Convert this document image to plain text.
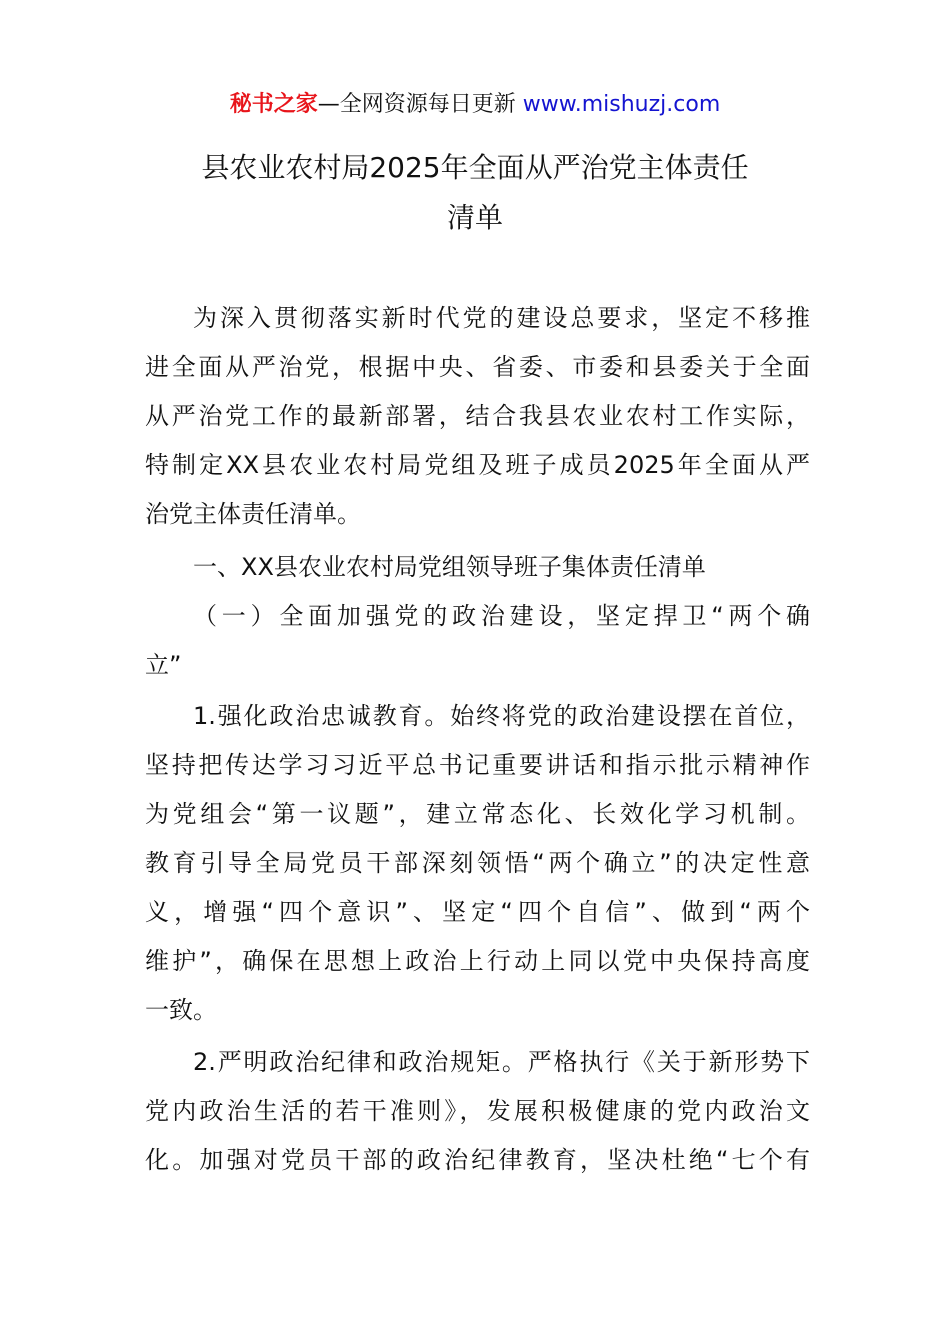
秘书之家—全网资源每日更新 www.mishuzj.com
县农业农村局2025年全面从严治党主体责任
清单
为深入贯彻落实新时代党的建设总要求，坚定不移推
进全面从严治党，根据中央、省委、市委和县委关于全面
从严治党工作的最新部署，结合我县农业农村工作实际，
特制定XX县农业农村局党组及班子成员2025年全面从严
治党主体责任清单。
一、XX县农业农村局党组领导班子集体责任清单
（一）全面加强党的政治建设，坚定捍卫“两个确
立”
1.强化政治忠诚教育。始终将党的政治建设摆在首位，
坚持把传达学习习近平总书记重要讲话和指示批示精神作
为党组会“第一议题”，建立常态化、长效化学习机制。
教育引导全局党员干部深刻领悟“两个确立”的决定性意
义，增强“四个意识”、坚定“四个自信”、做到“两个
维护”，确保在思想上政治上行动上同以党中央保持高度
一致。
2.严明政治纪律和政治规矩。严格执行《关于新形势下
党内政治生活的若干准则》，发展积极健康的党内政治文
化。加强对党员干部的政治纪律教育，坚决杜绝“七个有
